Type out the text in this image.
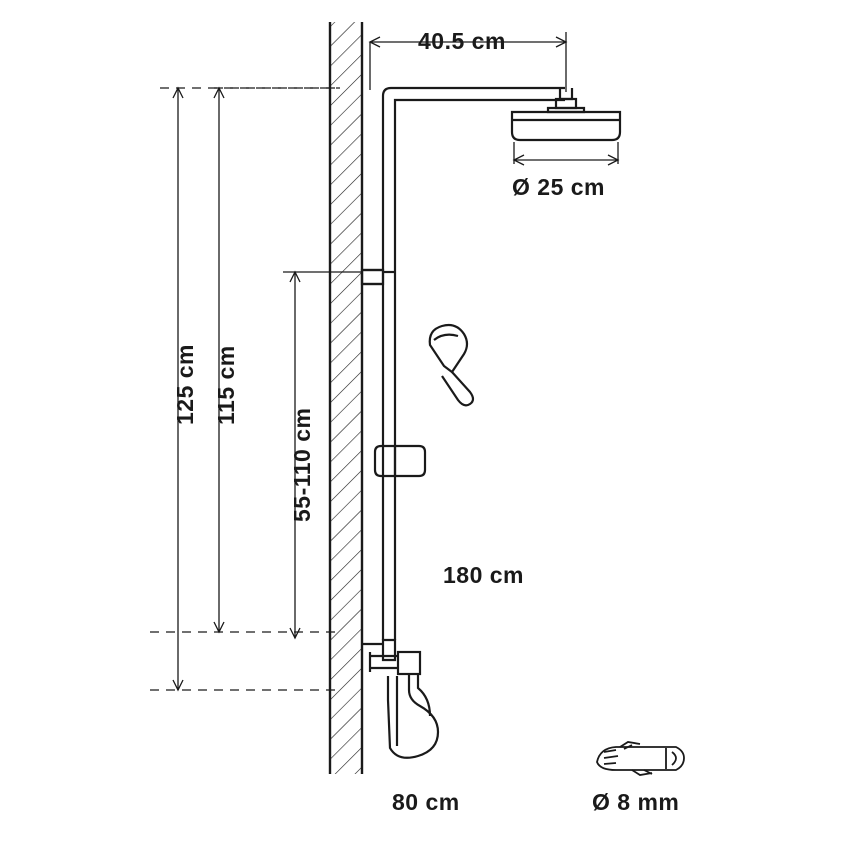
40.5 cm
Ø 25 cm
125 cm 115 cm
55-110 cm
180 cm
80 cm	Ø 8 mm
